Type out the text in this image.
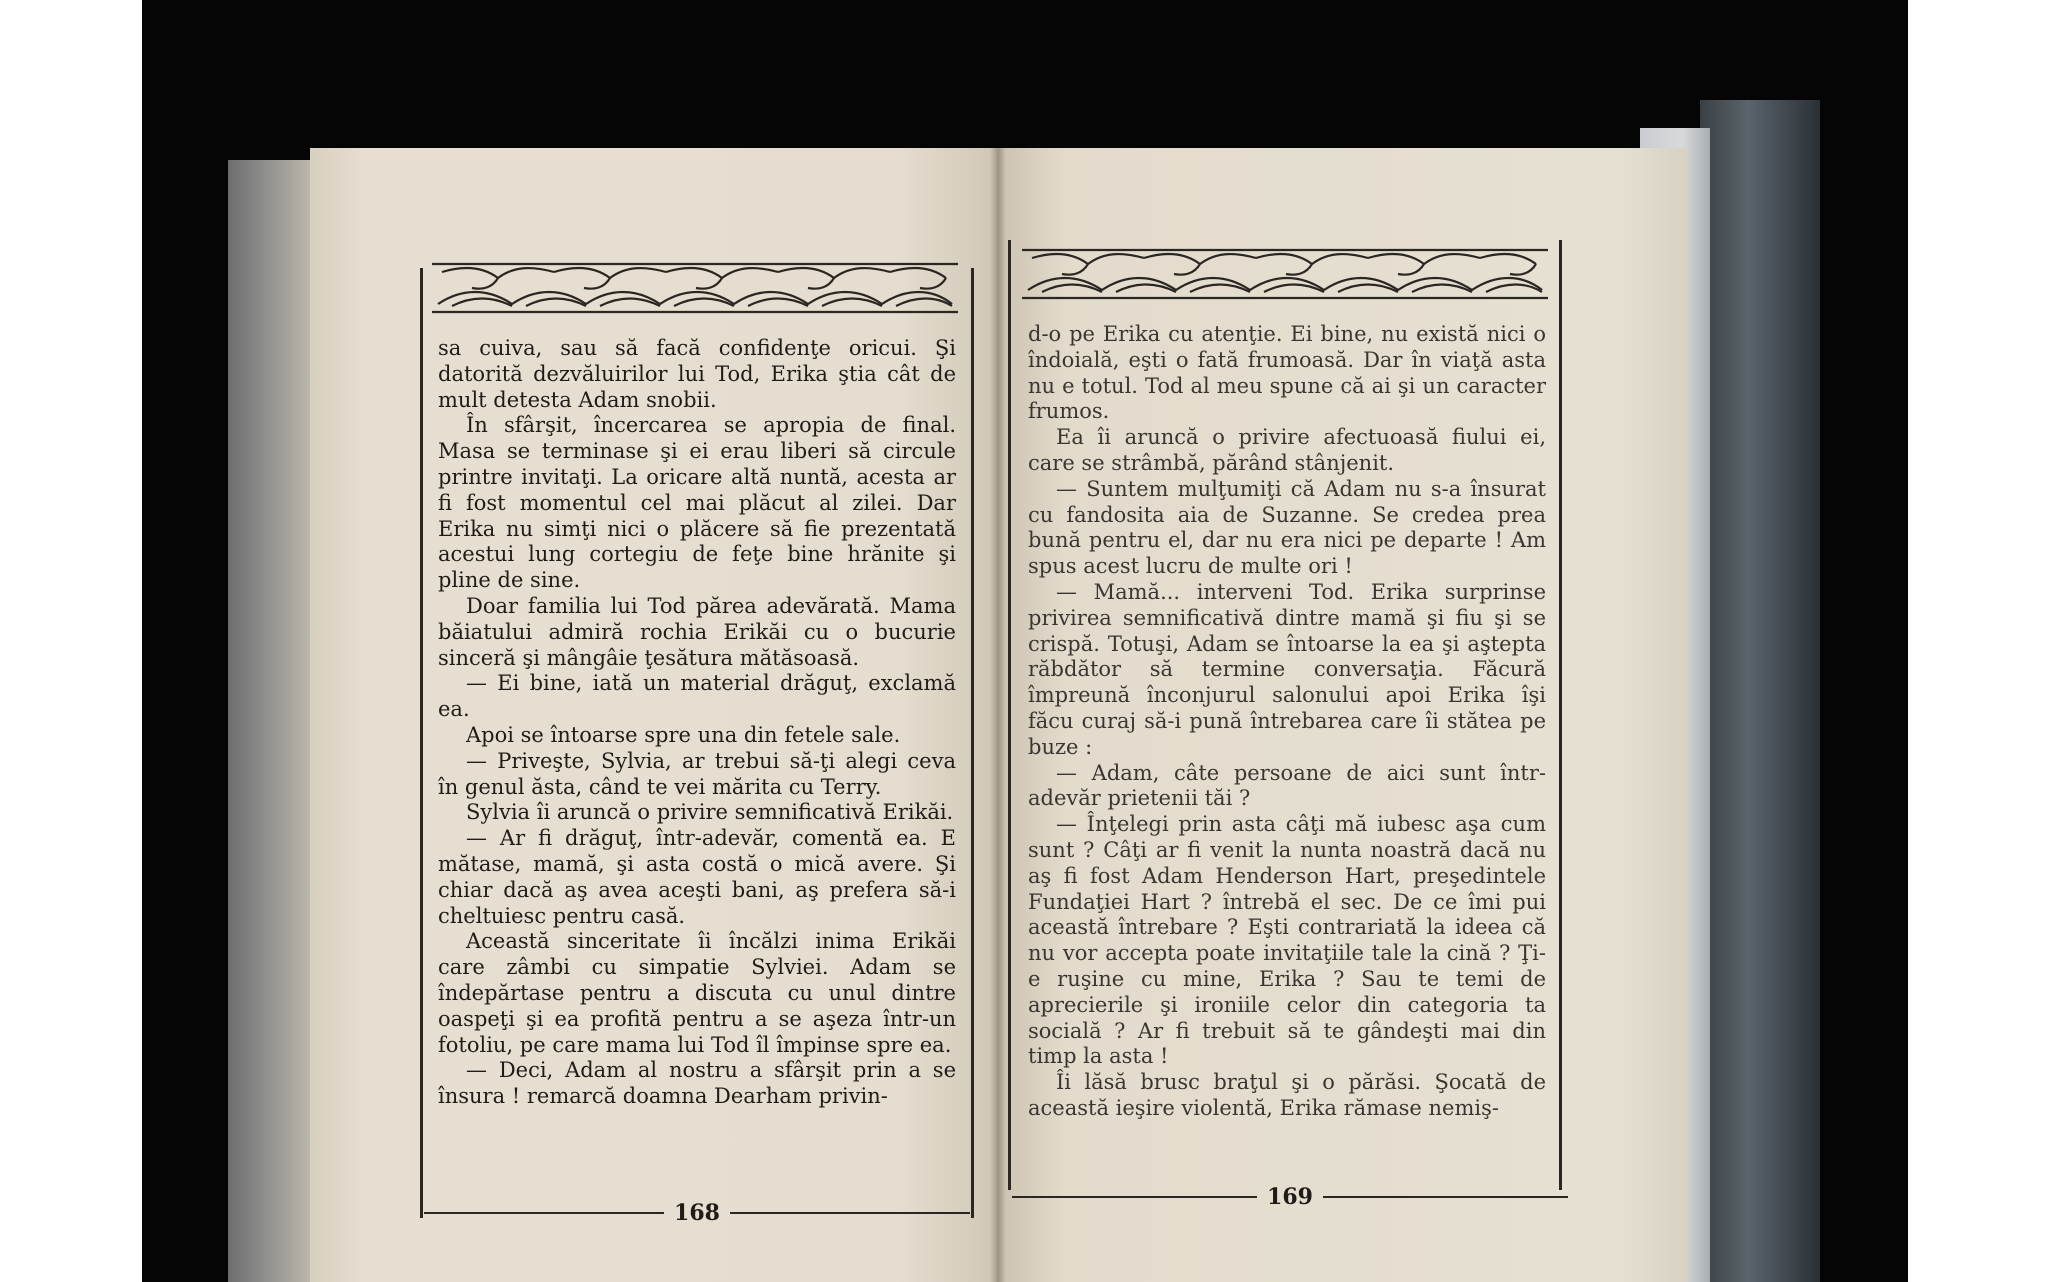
sa cuiva, sau să facă confidenţe oricui. Şi datorită dezvăluirilor lui Tod, Erika ştia cât de mult detesta Adam snobii.

În sfârşit, încercarea se apropia de final. Masa se terminase şi ei erau liberi să circule printre invitaţi. La oricare altă nuntă, acesta ar fi fost momentul cel mai plăcut al zilei. Dar Erika nu simţi nici o plăcere să fie prezentată acestui lung cortegiu de feţe bine hrănite şi pline de sine.

Doar familia lui Tod părea adevărată. Mama băiatului admiră rochia Erikăi cu o bucurie sinceră şi mângâie ţesătura mătăsoasă.

— Ei bine, iată un material drăguţ, exclamă ea.

Apoi se întoarse spre una din fetele sale.

— Priveşte, Sylvia, ar trebui să-ţi alegi ceva în genul ăsta, când te vei mărita cu Terry.

Sylvia îi aruncă o privire semnificativă Erikăi.

— Ar fi drăguţ, într-adevăr, comentă ea. E mătase, mamă, şi asta costă o mică avere. Şi chiar dacă aş avea aceşti bani, aş prefera să-i cheltuiesc pentru casă.

Această sinceritate îi încălzi inima Erikăi care zâmbi cu simpatie Sylviei. Adam se îndepărtase pentru a discuta cu unul dintre oaspeţi şi ea profită pentru a se aşeza într-un fotoliu, pe care mama lui Tod îl împinse spre ea.

— Deci, Adam al nostru a sfârşit prin a se însura ! remarcă doamna Dearham privin-

d-o pe Erika cu atenţie. Ei bine, nu există nici o îndoială, eşti o fată frumoasă. Dar în viaţă asta nu e totul. Tod al meu spune că ai şi un caracter frumos.

Ea îi aruncă o privire afectuoasă fiului ei, care se strâmbă, părând stânjenit.

— Suntem mulţumiţi că Adam nu s-a însurat cu fandosita aia de Suzanne. Se credea prea bună pentru el, dar nu era nici pe departe ! Am spus acest lucru de multe ori !

— Mamă... interveni Tod. Erika surprinse privirea semnificativă dintre mamă şi fiu şi se crispă. Totuşi, Adam se întoarse la ea şi aştepta răbdător să termine conversaţia. Făcură împreună înconjurul salonului apoi Erika îşi făcu curaj să-i pună întrebarea care îi stătea pe buze :

— Adam, câte persoane de aici sunt într-adevăr prietenii tăi ?

— Înţelegi prin asta câţi mă iubesc aşa cum sunt ? Câţi ar fi venit la nunta noastră dacă nu aş fi fost Adam Henderson Hart, preşedintele Fundaţiei Hart ? întrebă el sec. De ce îmi pui această întrebare ? Eşti contrariată la ideea că nu vor accepta poate invitaţiile tale la cină ? Ţi-e ruşine cu mine, Erika ? Sau te temi de aprecierile şi ironiile celor din categoria ta socială ? Ar fi trebuit să te gândeşti mai din timp la asta !

Îi lăsă brusc braţul şi o părăsi. Şocată de această ieşire violentă, Erika rămase nemiş-

168
169
